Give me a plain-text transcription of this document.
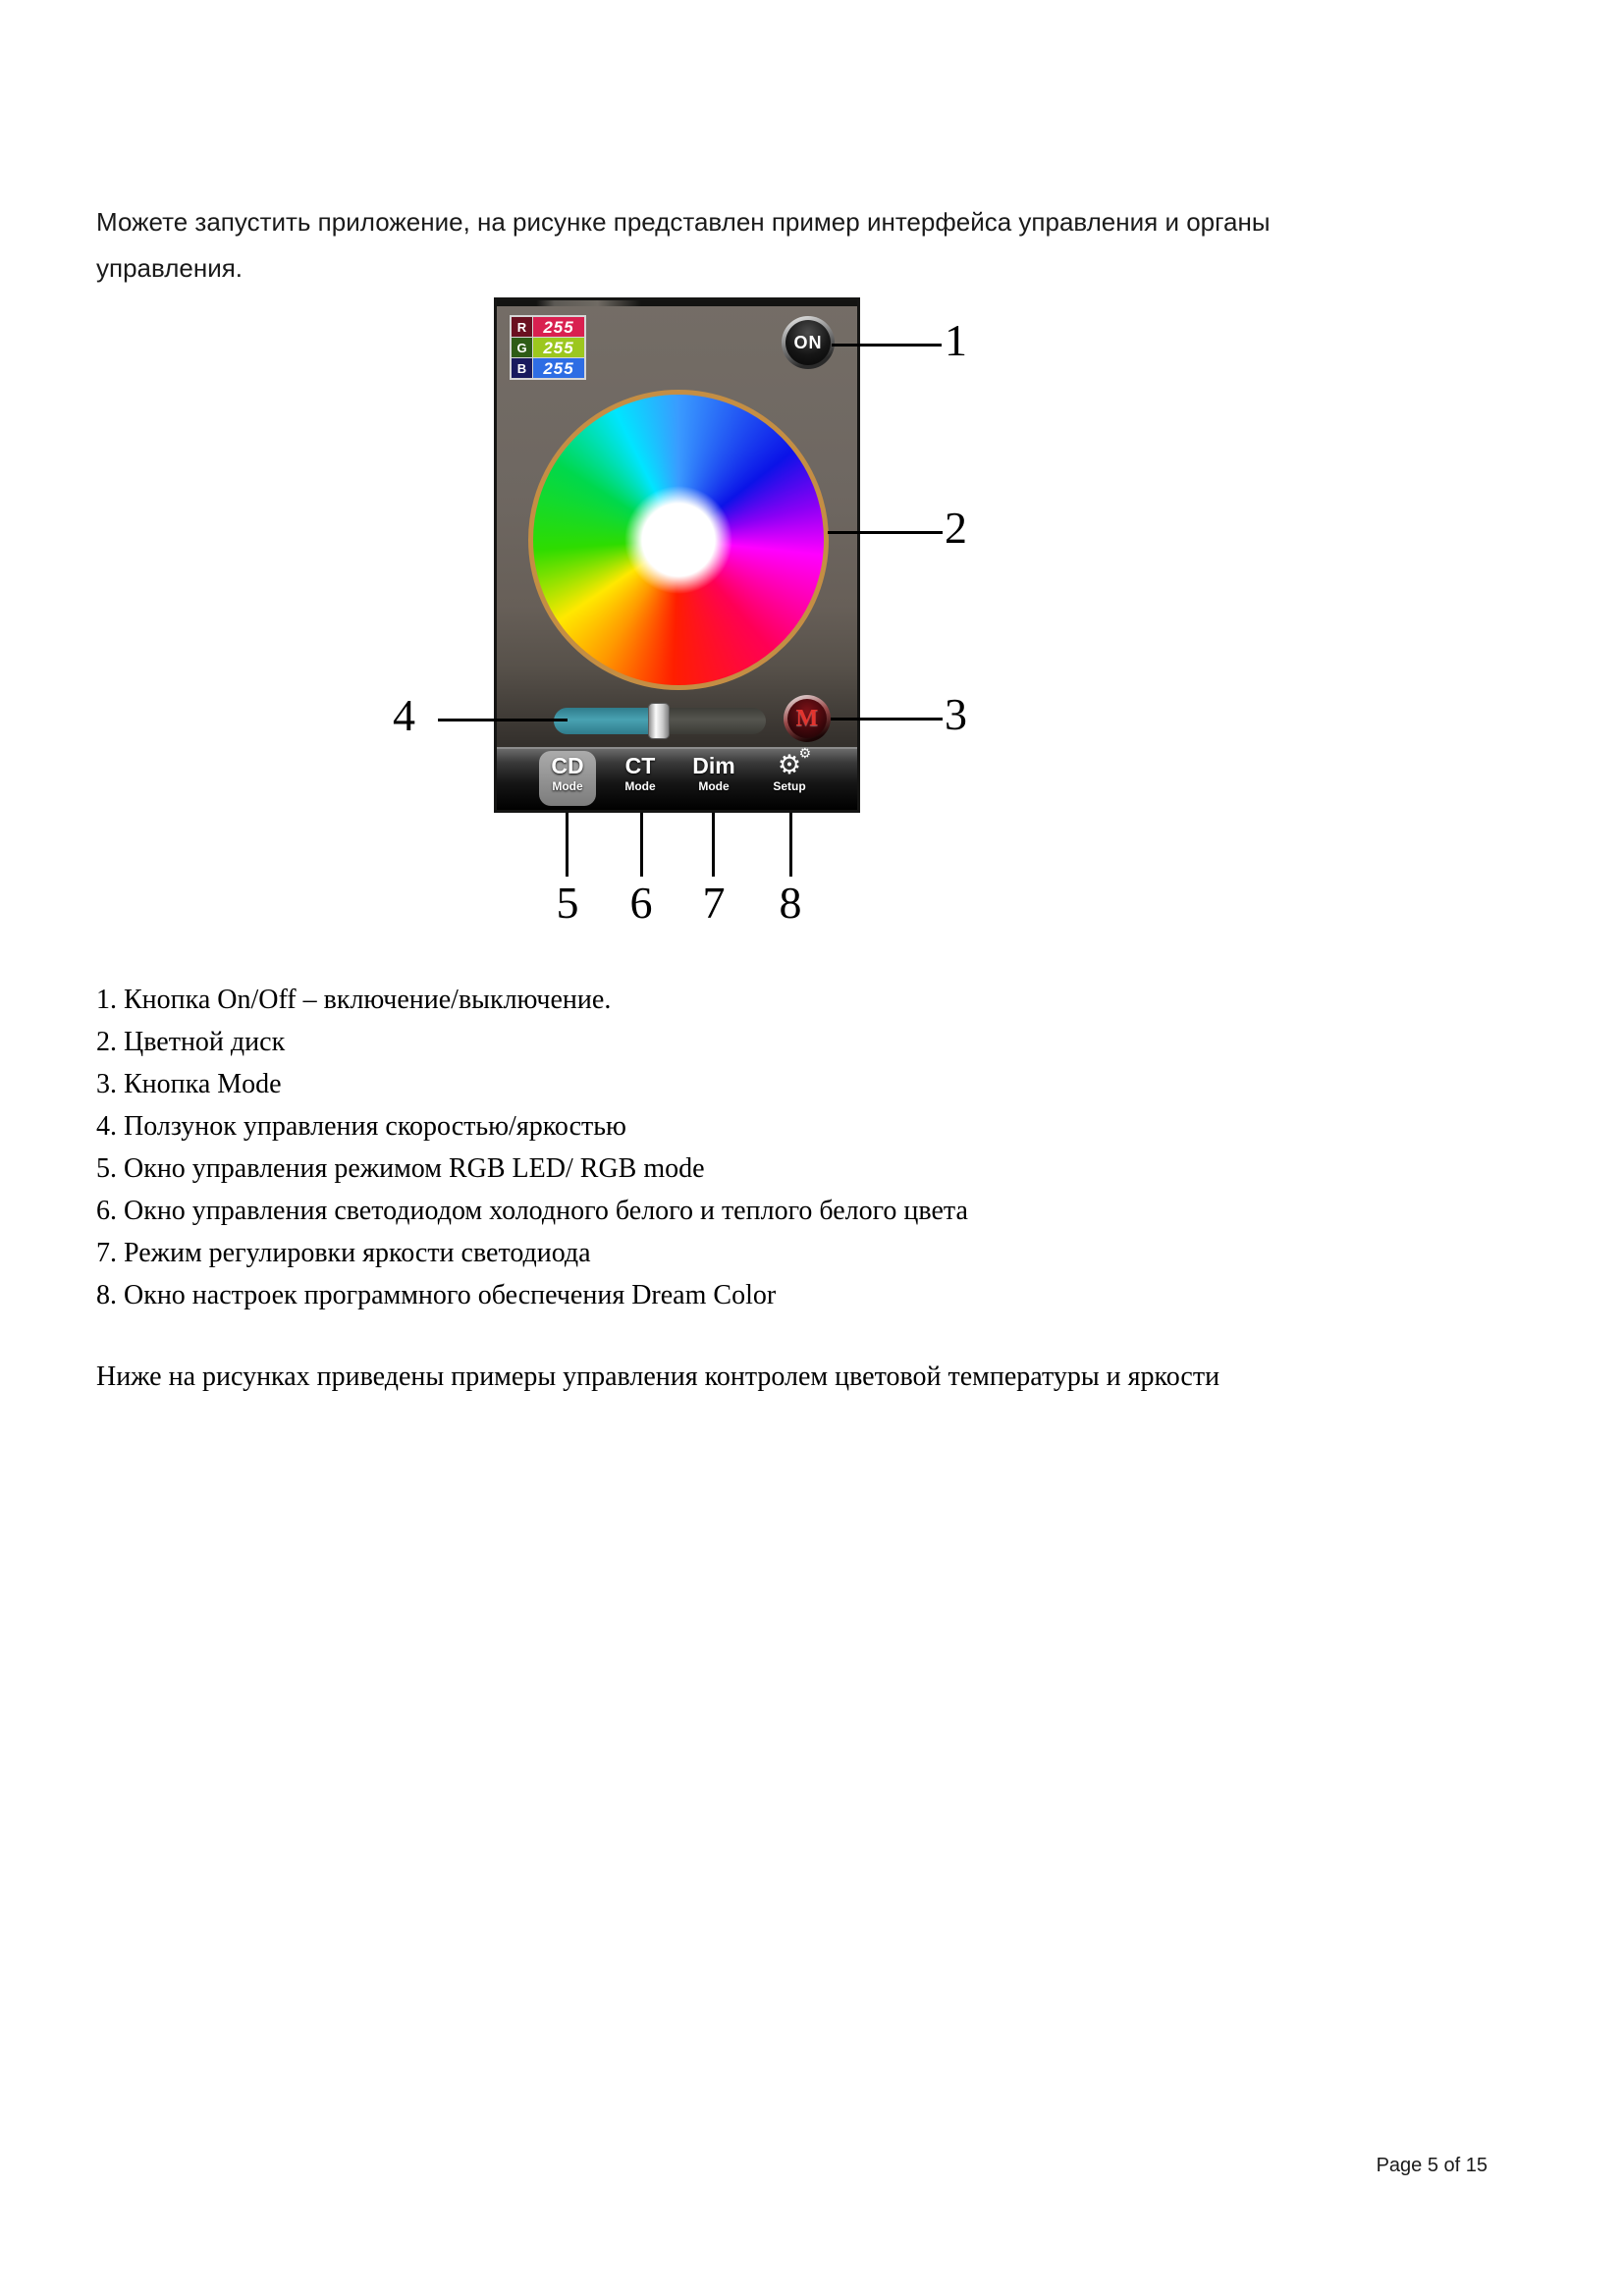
Можете запустить приложение, на рисунке представлен пример интерфейса управления и органы
управления.
R	255
G 255
B	255
ON
M
CD
Mode
CT
Mode
Dim
Mode
⚙
⚙
Setup
1
2
3
4
5 6 7 8
1. Кнопка On/Off – включение/выключение.
2. Цветной диск
3. Кнопка Mode
4. Ползунок управления скоростью/яркостью
5. Окно управления режимом RGB LED/ RGB mode
6. Окно управления светодиодом холодного белого и теплого белого цвета
7. Режим регулировки яркости светодиода
8. Окно настроек программного обеспечения Dream Color
Ниже на рисунках приведены примеры управления контролем цветовой температуры и яркости
Page 5 of 15
